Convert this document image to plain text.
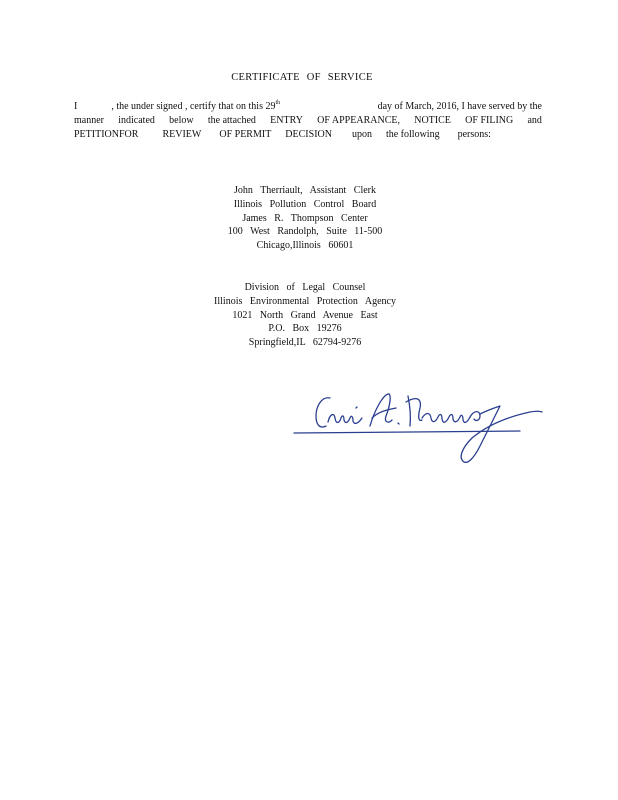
CERTIFICATE OF SERVICE
I	, the under signed , certify that on this 29th	day of March, 2016, I have served by the
manner indicated below the attached ENTRY OF APPEARANCE, NOTICE OF FILING and
PETITIONFOR REVIEW OF PERMIT DECISION upon the following persons:
John Therriault, Assistant Clerk
Illinois Pollution Control Board
James R. Thompson Center
100 West Randolph, Suite 11-500
Chicago,Illinois 60601
Division of Legal Counsel
Illinois Environmental Protection Agency
1021 North Grand Avenue East
P.O. Box 19276
Springfield,IL 62794-9276
